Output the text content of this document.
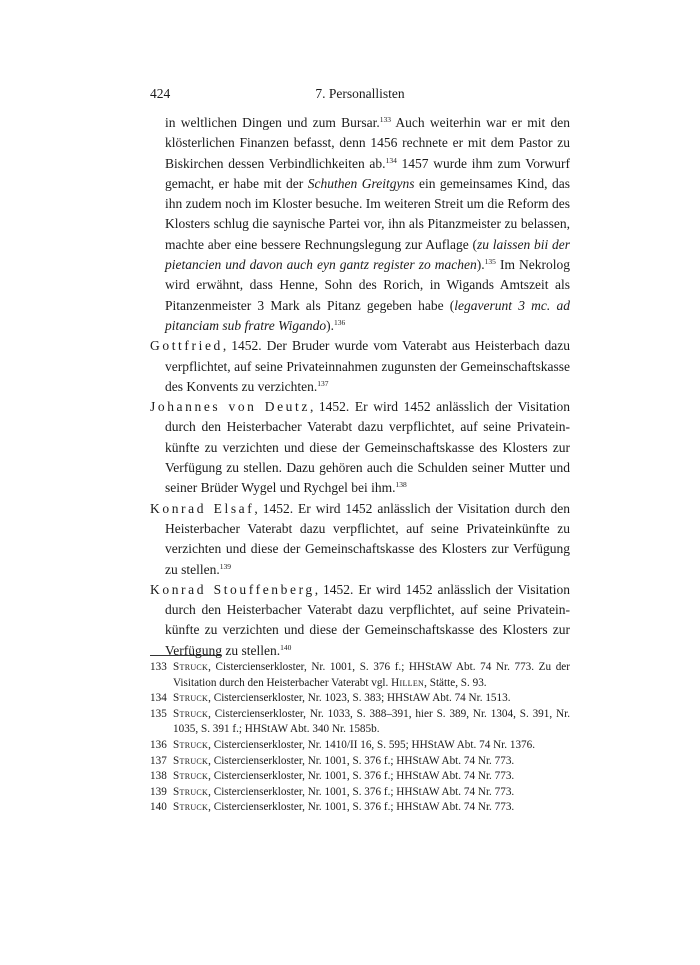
424	7. Personallisten

in weltlichen Dingen und zum Bursar.$^{133}$ Auch weiterhin war er mit den klösterlichen Finanzen befasst, denn 1456 rechnete er mit dem Pastor zu Biskirchen dessen Verbindlichkeiten ab.$^{134}$ 1457 wurde ihm zum Vorwurf gemacht, er habe mit der Schuthen Greitgyns ein gemeinsames Kind, das ihn zudem noch im Kloster besuche. Im weiteren Streit um die Reform des Klosters schlug die saynische Partei vor, ihn als Pitanzmeister zu belassen, machte aber eine bessere Rechnungslegung zur Auflage (zu laissen bii der pietancien und davon auch eyn gantz register zo machen).$^{135}$ Im Nekrolog wird erwähnt, dass Henne, Sohn des Rorich, in Wigands Amtszeit als Pitanzenmeister 3 Mark als Pitanz gegeben habe (legaverunt 3 mc. ad pitanciam sub fratre Wigando).$^{136}$

Gottfried, 1452. Der Bruder wurde vom Vaterabt aus Heisterbach dazu verpflichtet, auf seine Privateinnahmen zugunsten der Gemeinschaftskasse des Konvents zu verzichten.$^{137}$

Johannes von Deutz, 1452. Er wird 1452 anlässlich der Visitation durch den Heisterbacher Vaterabt dazu verpflichtet, auf seine Privateinkünfte zu verzichten und diese der Gemeinschaftskasse des Klosters zur Verfügung zu stellen. Dazu gehören auch die Schulden seiner Mutter und seiner Brüder Wygel und Rychgel bei ihm.$^{138}$

Konrad Elsaf, 1452. Er wird 1452 anlässlich der Visitation durch den Heisterbacher Vaterabt dazu verpflichtet, auf seine Privateinkünfte zu verzichten und diese der Gemeinschaftskasse des Klosters zur Verfügung zu stellen.$^{139}$

Konrad Stouffenberg, 1452. Er wird 1452 anlässlich der Visitation durch den Heisterbacher Vaterabt dazu verpflichtet, auf seine Privateinkünfte zu verzichten und diese der Gemeinschaftskasse des Klosters zur Verfügung zu stellen.$^{140}$

133 Struck, Cistercienserkloster, Nr. 1001, S. 376 f.; HHStAW Abt. 74 Nr. 773. Zu der Visitation durch den Heisterbacher Vaterabt vgl. Hillen, Stätte, S. 93.
134 Struck, Cistercienserkloster, Nr. 1023, S. 383; HHStAW Abt. 74 Nr. 1513.
135 Struck, Cistercienserkloster, Nr. 1033, S. 388–391, hier S. 389, Nr. 1304, S. 391, Nr. 1035, S. 391 f.; HHStAW Abt. 340 Nr. 1585b.
136 Struck, Cistercienserkloster, Nr. 1410/II 16, S. 595; HHStAW Abt. 74 Nr. 1376.
137 Struck, Cistercienserkloster, Nr. 1001, S. 376 f.; HHStAW Abt. 74 Nr. 773.
138 Struck, Cistercienserkloster, Nr. 1001, S. 376 f.; HHStAW Abt. 74 Nr. 773.
139 Struck, Cistercienserkloster, Nr. 1001, S. 376 f.; HHStAW Abt. 74 Nr. 773.
140 Struck, Cistercienserkloster, Nr. 1001, S. 376 f.; HHStAW Abt. 74 Nr. 773.
